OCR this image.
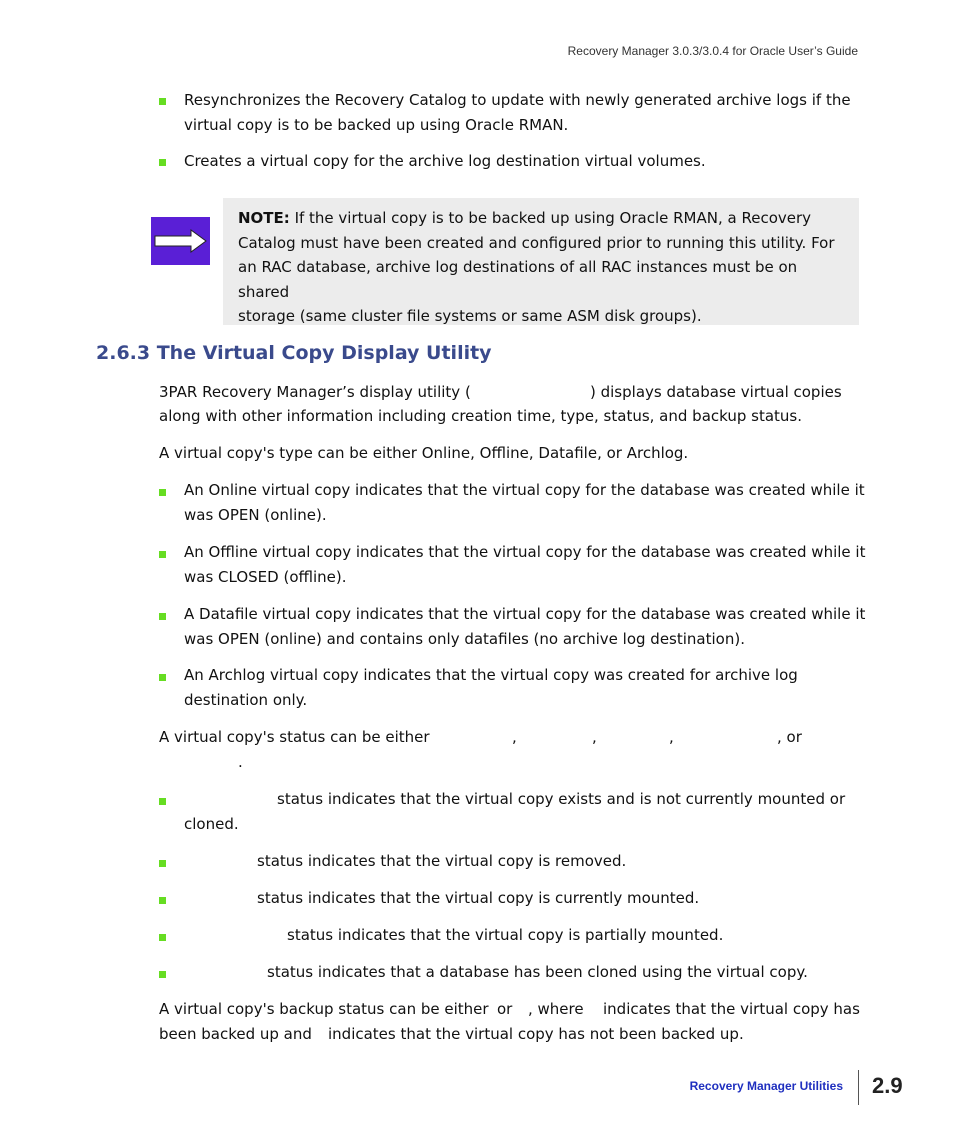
Recovery Manager 3.0.3/3.0.4 for Oracle User’s Guide
Resynchronizes the Recovery Catalog to update with newly generated archive logs if the
virtual copy is to be backed up using Oracle RMAN.
Creates a virtual copy for the archive log destination virtual volumes.
NOTE: If the virtual copy is to be backed up using Oracle RMAN, a Recovery
Catalog must have been created and configured prior to running this utility. For
an RAC database, archive log destinations of all RAC instances must be on shared
storage (same cluster file systems or same ASM disk groups).
2.6.3 The Virtual Copy Display Utility
3PAR Recovery Manager’s display utility (	) displays database virtual copies
along with other information including creation time, type, status, and backup status.
A virtual copy's type can be either Online, Offline, Datafile, or Archlog.
An Online virtual copy indicates that the virtual copy for the database was created while it
was OPEN (online).
An Offline virtual copy indicates that the virtual copy for the database was created while it
was CLOSED (offline).
A Datafile virtual copy indicates that the virtual copy for the database was created while it
was OPEN (online) and contains only datafiles (no archive log destination).
An Archlog virtual copy indicates that the virtual copy was created for archive log
destination only.
A virtual copy's status can be either	,	,	,	, or
.
status indicates that the virtual copy exists and is not currently mounted or
cloned.
status indicates that the virtual copy is removed.
status indicates that the virtual copy is currently mounted.
status indicates that the virtual copy is partially mounted.
status indicates that a database has been cloned using the virtual copy.
A virtual copy's backup status can be either or , where indicates that the virtual copy has
been backed up and indicates that the virtual copy has not been backed up.
Recovery Manager Utilities 2.9
